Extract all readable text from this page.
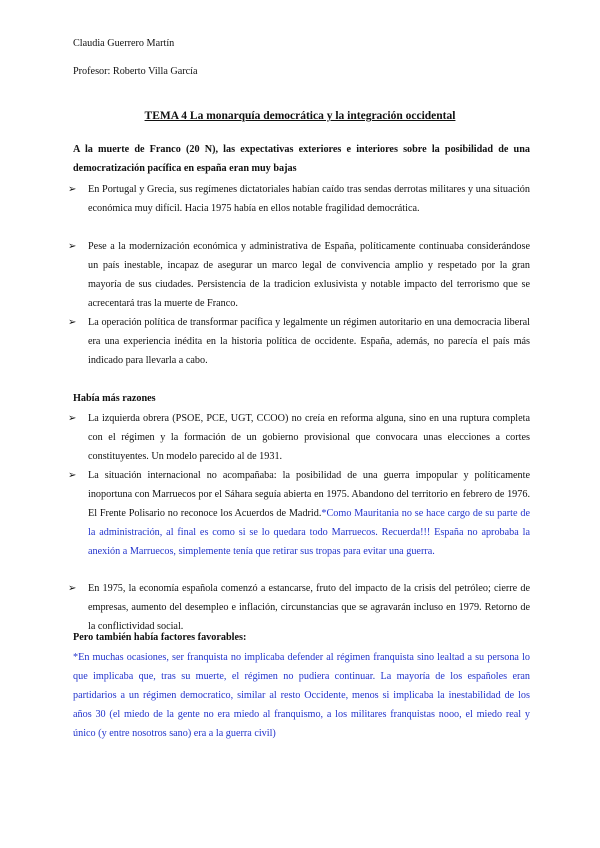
Claudia Guerrero Martín
Profesor: Roberto Villa García
TEMA 4 La monarquía democrática y la integración occidental
A la muerte de Franco (20 N), las expectativas exteriores e interiores sobre la posibilidad de una democratización pacífica en españa eran muy bajas
➢ En Portugal y Grecia, sus regímenes dictatoriales habían caído tras sendas derrotas militares y una situación económica muy difícil. Hacia 1975 había en ellos notable fragilidad democrática.
➢ Pese a la modernización económica y administrativa de España, políticamente continuaba considerándose un país inestable, incapaz de asegurar un marco legal de convivencia amplio y respetado por la gran mayoría de sus ciudades. Persistencia de la tradicion exlusivista y notable impacto del terrorismo que se acrecentará tras la muerte de Franco.
➢ La operación política de transformar pacífica y legalmente un régimen autoritario en una democracia liberal era una experiencia inédita en la historia política de occidente. España, además, no parecía el país más indicado para llevarla a cabo.
Había más razones
➢ La izquierda obrera (PSOE, PCE, UGT, CCOO) no creía en reforma alguna, sino en una ruptura completa con el régimen y la formación de un gobierno provisional que convocara unas elecciones a cortes constituyentes. Un modelo parecido al de 1931.
➢ La situación internacional no acompañaba: la posibilidad de una guerra impopular y políticamente inoportuna con Marruecos por el Sáhara seguía abierta en 1975. Abandono del territorio en febrero de 1976. El Frente Polisario no reconoce los Acuerdos de Madrid.*Como Mauritania no se hace cargo de su parte de la administración, al final es como si se lo quedara todo Marruecos. Recuerda!!! España no aprobaba la anexión a Marruecos, simplemente tenía que retirar sus tropas para evitar una guerra.
➢ En 1975, la economía española comenzó a estancarse, fruto del impacto de la crisis del petróleo; cierre de empresas, aumento del desempleo e inflación, circunstancias que se agravarán incluso en 1979. Retorno de la conflictividad social.
Pero también había factores favorables:
*En muchas ocasiones, ser franquista no implicaba defender al régimen franquista sino lealtad a su persona lo que implicaba que, tras su muerte, el régimen no pudiera continuar. La mayoría de los españoles eran partidarios a un régimen democratico, similar al resto Occidente, menos si implicaba la inestabilidad de los años 30 (el miedo de la gente no era miedo al franquismo, a los militares franquistas nooo, el miedo real y único (y entre nosotros sano) era a la guerra civil)
